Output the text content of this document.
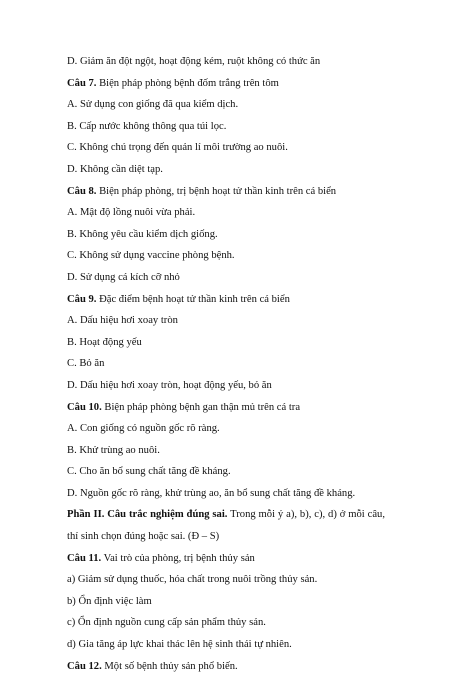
D. Giảm ăn đột ngột, hoạt động kém, ruột không có thức ăn
Câu 7. Biện pháp phòng bệnh đốm trắng trên tôm
A. Sử dụng con giống đã qua kiểm dịch.
B. Cấp nước không thông qua túi lọc.
C. Không chú trọng đến quản lí môi trường ao nuôi.
D. Không cần diệt tạp.
Câu 8. Biện pháp phòng, trị bệnh hoạt tử thần kinh trên cá biển
A. Mật độ lồng nuôi vừa phải.
B. Không yêu cầu kiểm dịch giống.
C. Không sử dụng vaccine phòng bệnh.
D. Sử dụng cá kích cỡ nhỏ
Câu 9. Đặc điểm bệnh hoạt tử thần kinh trên cá biển
A. Dấu hiệu hơi xoay tròn
B. Hoạt động yếu
C. Bỏ ăn
D. Dấu hiệu hơi xoay tròn, hoạt động yếu, bỏ ăn
Câu 10. Biện pháp phòng bệnh gan thận mủ trên cá tra
A. Con giống có nguồn gốc rõ ràng.
B. Khử trùng ao nuôi.
C. Cho ăn bổ sung chất tăng đề kháng.
D. Nguồn gốc rõ ràng, khử trùng ao, ăn bổ sung chất tăng đề kháng.
Phần II. Câu trắc nghiệm đúng sai. Trong mỗi ý a), b), c), d) ở mỗi câu, thí sinh chọn đúng hoặc sai. (Đ – S)
Câu 11. Vai trò của phòng, trị bệnh thủy sản
a) Giảm sử dụng thuốc, hóa chất trong nuôi trồng thủy sản.
b) Ổn định việc làm
c) Ổn định nguồn cung cấp sản phẩm thủy sản.
d) Gia tăng áp lực khai thác lên hệ sinh thái tự nhiên.
Câu 12. Một số bệnh thủy sản phổ biến.
